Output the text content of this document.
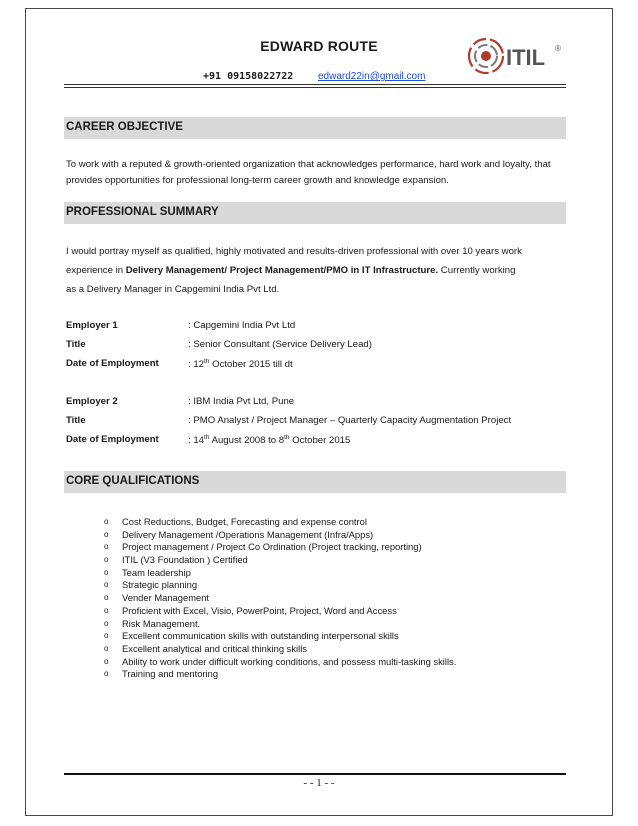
EDWARD ROUTE
+91 09158022722 edward22in@gmail.com
ITIL ®
CAREER OBJECTIVE
To work with a reputed & growth-oriented organization that acknowledges performance, hard work and loyalty, that provides opportunities for professional long-term career growth and knowledge expansion.
PROFESSIONAL SUMMARY
I would portray myself as qualified, highly motivated and results-driven professional with over 10 years work
experience in Delivery Management/ Project Management/PMO in IT Infrastructure. Currently working
as a Delivery Manager in Capgemini India Pvt Ltd.
Employer 1	: Capgemini India Pvt Ltd
Title	: Senior Consultant (Service Delivery Lead)
Date of Employment	: 12th October 2015 till dt
Employer 2	: IBM India Pvt Ltd, Pune
Title	: PMO Analyst / Project Manager – Quarterly Capacity Augmentation Project
Date of Employment	: 14th August 2008 to 8th October 2015
CORE QUALIFICATIONS
o Cost Reductions, Budget, Forecasting and expense control
o Delivery Management /Operations Management (Infra/Apps)
o Project management / Project Co Ordination (Project tracking, reporting)
o ITIL (V3 Foundation ) Certified
o Team leadership
o Strategic planning
o Vender Management
o Proficient with Excel, Visio, PowerPoint, Project, Word and Access
o Risk Management.
o Excellent communication skills with outstanding interpersonal skills
o Excellent analytical and critical thinking skills
o Ability to work under difficult working conditions, and possess multi-tasking skills.
o Training and mentoring
- - 1 - -
